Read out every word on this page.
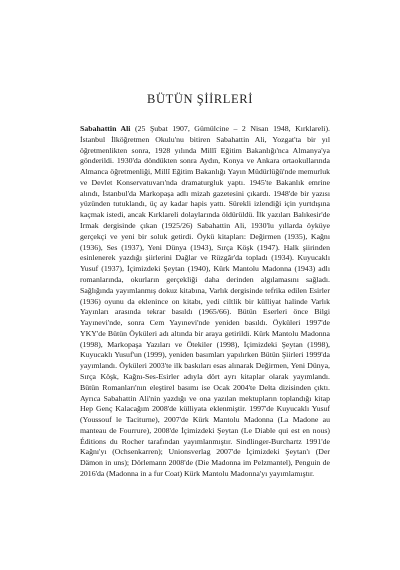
BÜTÜN ŞİİRLERİ

Sabahattin Ali (25 Şubat 1907, Gümülcine – 2 Nisan 1948, Kırklareli). İstanbul İlköğretmen Okulu'nu bitiren Sabahattin Ali, Yozgat'ta bir yıl öğretmenlikten sonra, 1928 yılında Millî Eğitim Bakanlığı'nca Almanya'ya gönderildi. 1930'da döndükten sonra Aydın, Konya ve Ankara ortaokullarında Almanca öğretmenliği, Millî Eğitim Bakanlığı Yayın Müdürlüğü'nde memurluk ve Devlet Konservatuvarı'nda dramaturgluk yaptı. 1945'te Bakanlık emrine alındı, İstanbul'da Markopaşa adlı mizah gazetesini çıkardı. 1948'de bir yazısı yüzünden tutuklandı, üç ay kadar hapis yattı. Sürekli izlendiği için yurtdışına kaçmak istedi, ancak Kırklareli dolaylarında öldürüldü. İlk yazıları Balıkesir'de Irmak dergisinde çıkan (1925/26) Sabahattin Ali, 1930'lu yıllarda öyküye gerçekçi ve yeni bir soluk getirdi. Öykü kitapları: Değirmen (1935), Kağnı (1936), Ses (1937), Yeni Dünya (1943), Sırça Köşk (1947). Halk şiirinden esinlenerek yazdığı şiirlerini Dağlar ve Rüzgâr'da topladı (1934). Kuyucaklı Yusuf (1937), İçimizdeki Şeytan (1940), Kürk Mantolu Madonna (1943) adlı romanlarında, okurların gerçekliği daha derinden algılamasını sağladı. Sağlığında yayımlanmış dokuz kitabına, Varlık dergisinde tefrika edilen Esirler (1936) oyunu da eklenince on kitabı, yedi ciltlik bir külliyat halinde Varlık Yayınları arasında tekrar basıldı (1965/66). Bütün Eserleri önce Bilgi Yayınevi'nde, sonra Cem Yayınevi'nde yeniden basıldı. Öyküleri 1997'de YKY'de Bütün Öyküleri adı altında bir araya getirildi. Kürk Mantolu Madonna (1998), Markopaşa Yazıları ve Ötekiler (1998), İçimizdeki Şeytan (1998), Kuyucaklı Yusuf'un (1999), yeniden basımları yapılırken Bütün Şiirleri 1999'da yayımlandı. Öyküleri 2003'te ilk baskıları esas alınarak Değirmen, Yeni Dünya, Sırça Köşk, Kağnı-Ses-Esirler adıyla dört ayrı kitaplar olarak yayımlandı. Bütün Romanları'nın eleştirel basımı ise Ocak 2004'te Delta dizisinden çıktı. Ayrıca Sabahattin Ali'nin yazdığı ve ona yazılan mektupların toplandığı kitap Hep Genç Kalacağım 2008'de külliyata eklenmiştir. 1997'de Kuyucaklı Yusuf (Youssouf le Taciturne), 2007'de Kürk Mantolu Madonna (La Madone au manteau de Fourrure), 2008'de İçimizdeki Şeytan (Le Diable qui est en nous) Éditions du Rocher tarafından yayımlanmıştır. Sindlinger-Burchartz 1991'de Kağnı'yı (Ochsenkarren); Unionsverlag 2007'de İçimizdeki Şeytan'ı (Der Dämon in uns); Dörlemann 2008'de (Die Madonna im Pelzmantel), Penguin de 2016'da (Madonna in a fur Coat) Kürk Mantolu Madonna'yı yayımlamıştır.
